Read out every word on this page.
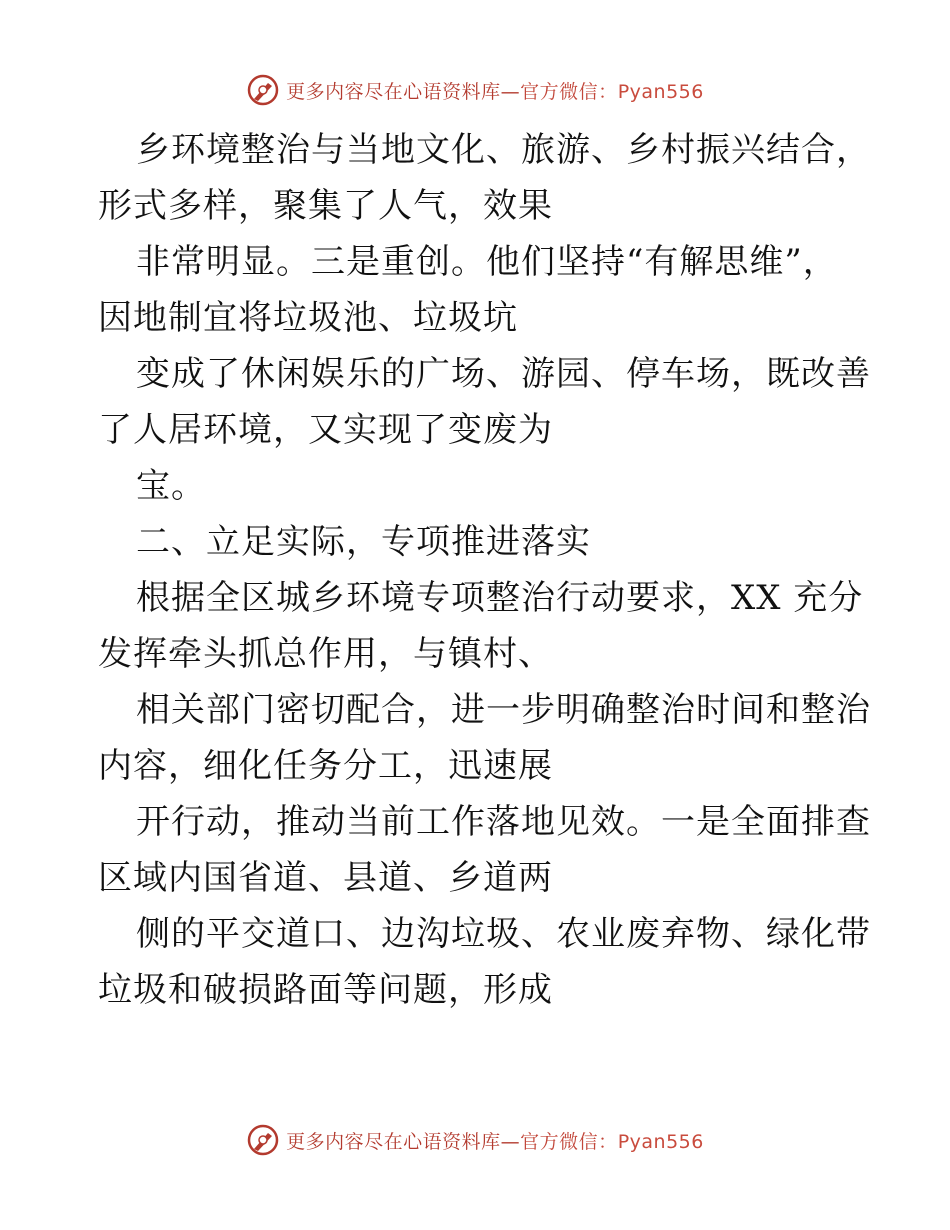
更多内容尽在心语资料库—官方微信：Pyan556

乡环境整治与当地文化、旅游、乡村振兴结合，
形式多样，聚集了人气，效果

非常明显。三是重创。他们坚持“有解思维”，
因地制宜将垃圾池、垃圾坑

变成了休闲娱乐的广场、游园、停车场，既改善
了人居环境，又实现了变废为

宝。

二、立足实际，专项推进落实

根据全区城乡环境专项整治行动要求，XX 充分
发挥牵头抓总作用，与镇村、

相关部门密切配合，进一步明确整治时间和整治
内容，细化任务分工，迅速展

开行动，推动当前工作落地见效。一是全面排查
区域内国省道、县道、乡道两

侧的平交道口、边沟垃圾、农业废弃物、绿化带
垃圾和破损路面等问题，形成

更多内容尽在心语资料库—官方微信：Pyan556
